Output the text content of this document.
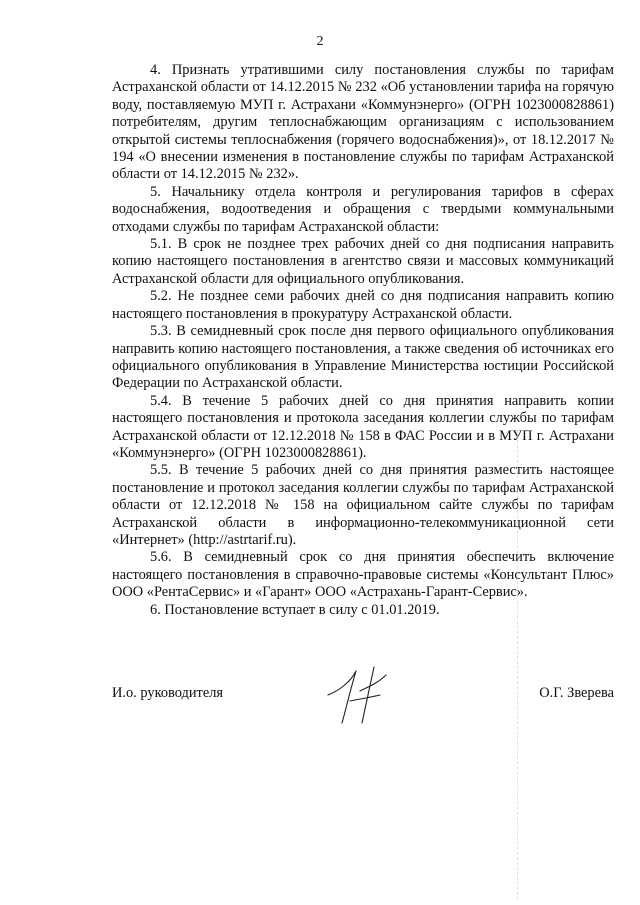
2

4. Признать утратившими силу постановления службы по тарифам Астраханской области от 14.12.2015 № 232 «Об установлении тарифа на горячую воду, поставляемую МУП г. Астрахани «Коммунэнерго» (ОГРН 1023000828861) потребителям, другим теплоснабжающим организациям с использованием открытой системы теплоснабжения (горячего водоснабжения)», от 18.12.2017 № 194 «О внесении изменения в постановление службы по тарифам Астраханской области от 14.12.2015 № 232».

5. Начальнику отдела контроля и регулирования тарифов в сферах водоснабжения, водоотведения и обращения с твердыми коммунальными отходами службы по тарифам Астраханской области:

5.1. В срок не позднее трех рабочих дней со дня подписания направить копию настоящего постановления в агентство связи и массовых коммуникаций Астраханской области для официального опубликования.

5.2. Не позднее семи рабочих дней со дня подписания направить копию настоящего постановления в прокуратуру Астраханской области.

5.3. В семидневный срок после дня первого официального опубликования направить копию настоящего постановления, а также сведения об источниках его официального опубликования в Управление Министерства юстиции Российской Федерации по Астраханской области.

5.4. В течение 5 рабочих дней со дня принятия направить копии настоящего постановления и протокола заседания коллегии службы по тарифам Астраханской области от 12.12.2018 № 158 в ФАС России и в МУП г. Астрахани «Коммунэнерго» (ОГРН 1023000828861).

5.5. В течение 5 рабочих дней со дня принятия разместить настоящее постановление и протокол заседания коллегии службы по тарифам Астраханской области от 12.12.2018 № 158 на официальном сайте службы по тарифам Астраханской области в информационно-телекоммуникационной сети «Интернет» (http://astrtarif.ru).

5.6. В семидневный срок со дня принятия обеспечить включение настоящего постановления в справочно-правовые системы «Консультант Плюс» ООО «РентаСервис» и «Гарант» ООО «Астрахань-Гарант-Сервис».

6. Постановление вступает в силу с 01.01.2019.

И.о. руководителя	О.Г. Зверева
